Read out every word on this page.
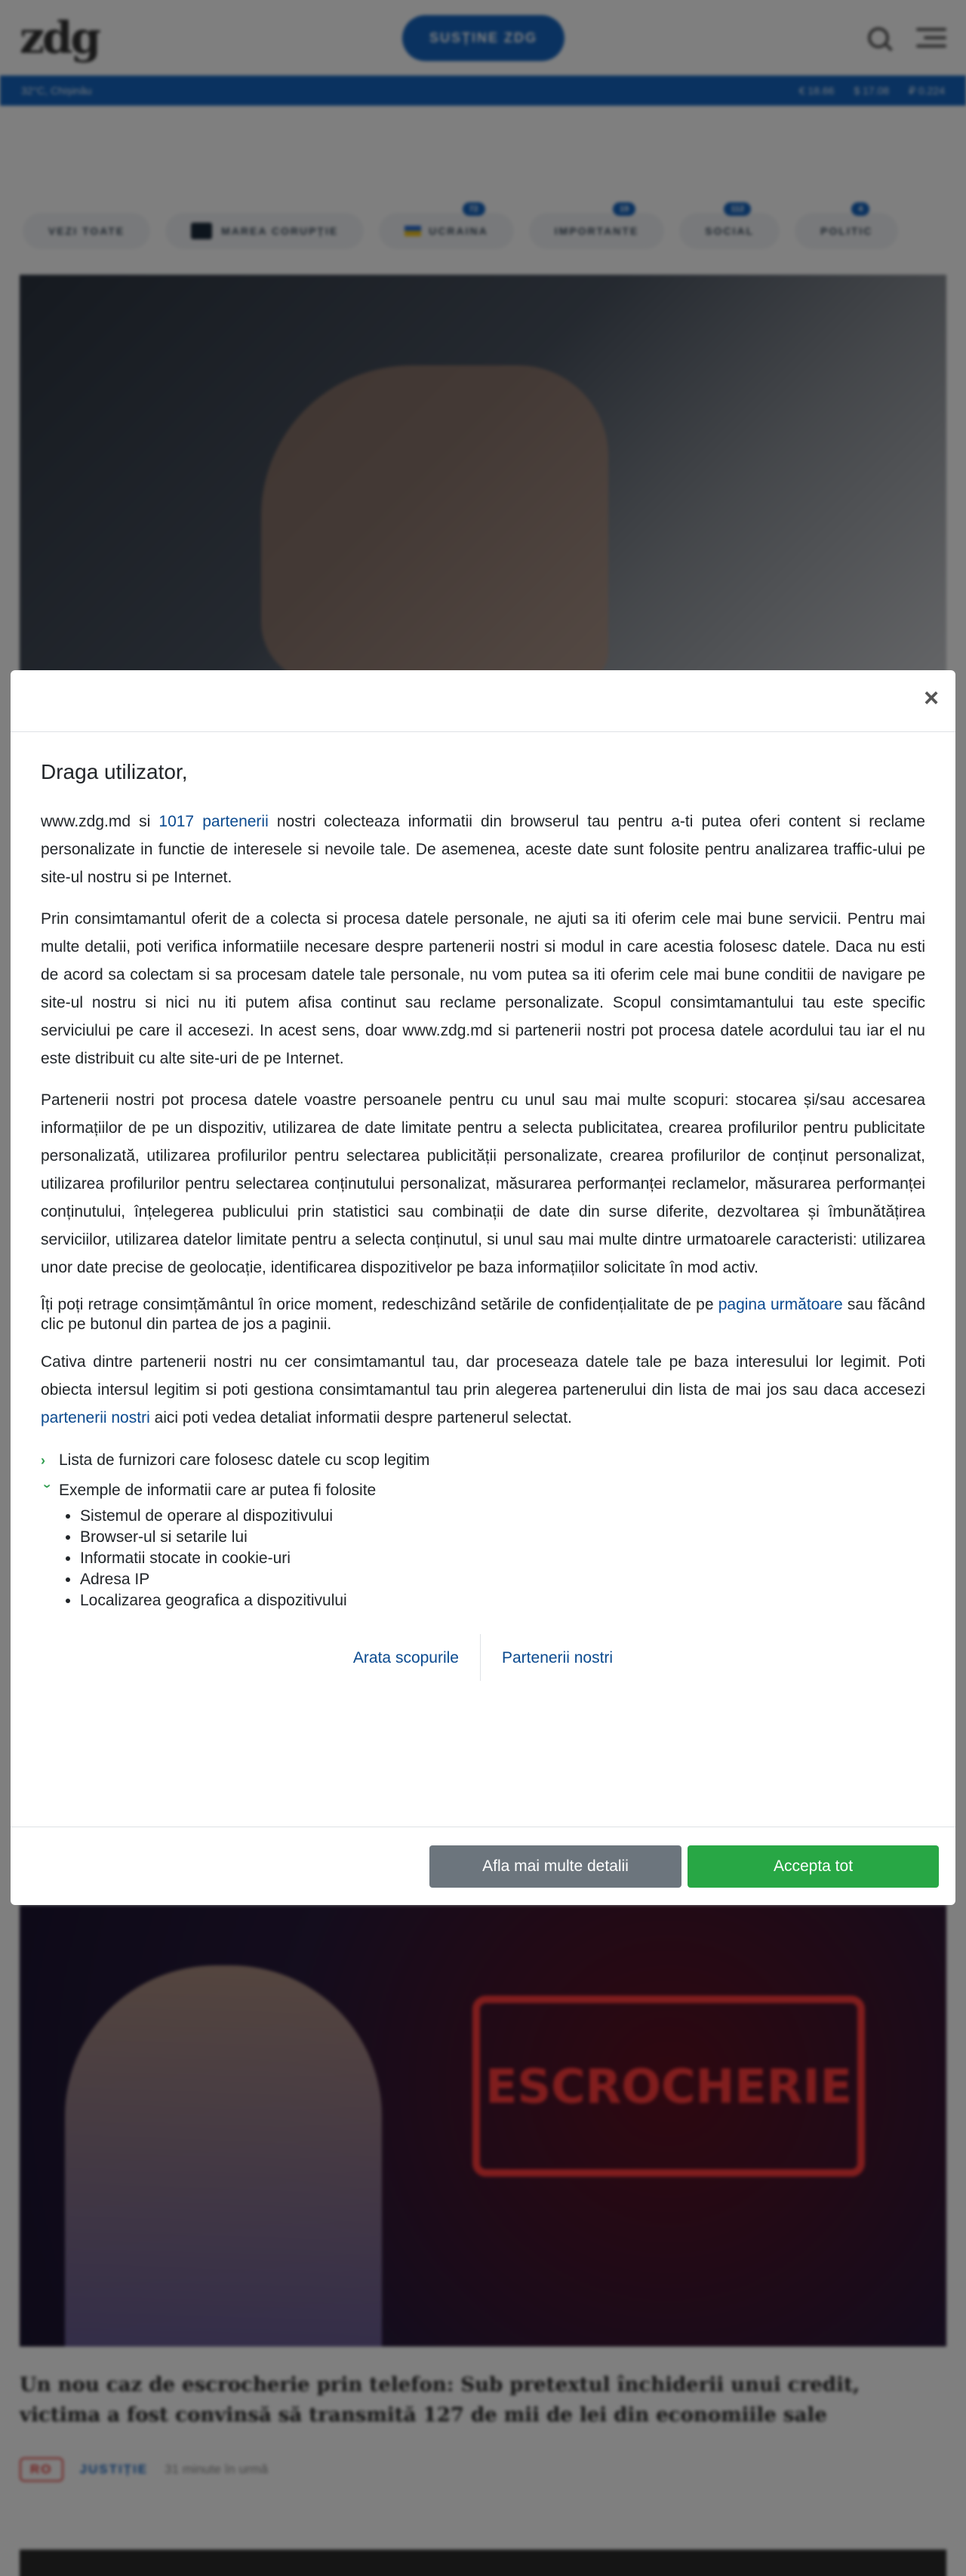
×
Draga utilizator,

www.zdg.md si 1017 partenerii nostri colecteaza informatii din browserul tau pentru a-ti putea oferi content si reclame personalizate in functie de interesele si nevoile tale. De asemenea, aceste date sunt folosite pentru analizarea traffic-ului pe site-ul nostru si pe Internet.

Prin consimtamantul oferit de a colecta si procesa datele personale, ne ajuti sa iti oferim cele mai bune servicii. Pentru mai multe detalii, poti verifica informatiile necesare despre partenerii nostri si modul in care acestia folosesc datele. Daca nu esti de acord sa colectam si sa procesam datele tale personale, nu vom putea sa iti oferim cele mai bune conditii de navigare pe site-ul nostru si nici nu iti putem afisa continut sau reclame personalizate. Scopul consimtamantului tau este specific serviciului pe care il accesezi. In acest sens, doar www.zdg.md si partenerii nostri pot procesa datele acordului tau iar el nu este distribuit cu alte site-uri de pe Internet.

Partenerii nostri pot procesa datele voastre persoanele pentru cu unul sau mai multe scopuri: stocarea și/sau accesarea informațiilor de pe un dispozitiv, utilizarea de date limitate pentru a selecta publicitatea, crearea profilurilor pentru publicitate personalizată, utilizarea profilurilor pentru selectarea publicității personalizate, crearea profilurilor de conținut personalizat, utilizarea profilurilor pentru selectarea conținutului personalizat, măsurarea performanței reclamelor, măsurarea performanței conținutului, înțelegerea publicului prin statistici sau combinații de date din surse diferite, dezvoltarea și îmbunătățirea serviciilor, utilizarea datelor limitate pentru a selecta conținutul, si unul sau mai multe dintre urmatoarele caracteristi: utilizarea unor date precise de geolocație, identificarea dispozitivelor pe baza informațiilor solicitate în mod activ.

Îți poți retrage consimțământul în orice moment, redeschizând setările de confidențialitate de pe pagina următoare sau făcând clic pe butonul din partea de jos a paginii.

Cativa dintre partenerii nostri nu cer consimtamantul tau, dar proceseaza datele tale pe baza interesului lor legimit. Poti obiecta intersul legitim si poti gestiona consimtamantul tau prin alegerea partenerului din lista de mai jos sau daca accesezi partenerii nostri aici poti vedea detaliat informatii despre partenerul selectat.

› Lista de furnizori care folosesc datele cu scop legitim
› Exemple de informatii care ar putea fi folosite
• Sistemul de operare al dispozitivului
• Browser-ul si setarile lui
• Informatii stocate in cookie-uri
• Adresa IP
• Localizarea geografica a dispozitivului
Arata scopurile	Partenerii nostri
Afla mai multe detalii	Accepta tot
